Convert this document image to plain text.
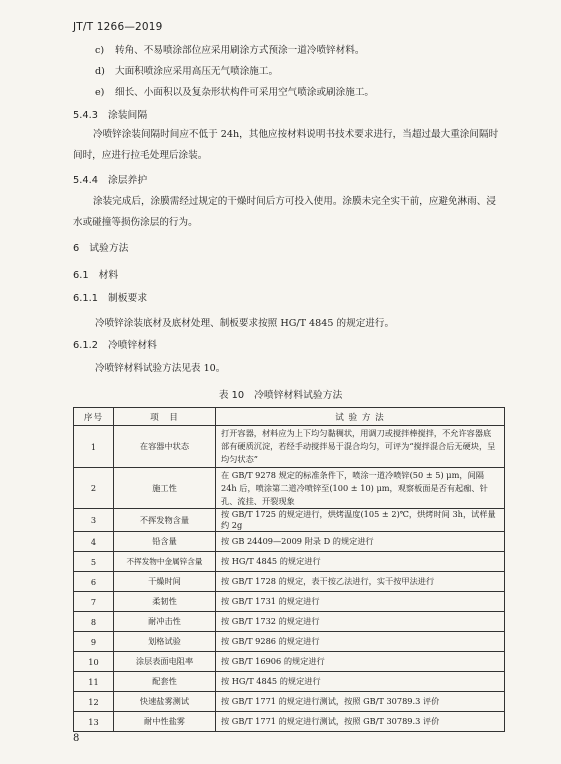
JT/T 1266—2019
c) 转角、不易喷涂部位应采用刷涂方式预涂一道冷喷锌材料。
d) 大面积喷涂应采用高压无气喷涂施工。
e) 细长、小面积以及复杂形状构件可采用空气喷涂或刷涂施工。
5.4.3 涂装间隔
冷喷锌涂装间隔时间应不低于 24h，其他应按材料说明书技术要求进行，当超过最大重涂间隔时间时，应进行拉毛处理后涂装。
5.4.4 涂层养护
涂装完成后，涂膜需经过规定的干燥时间后方可投入使用。涂膜未完全实干前，应避免淋雨、浸水或碰撞等损伤涂层的行为。
6 试验方法
6.1 材料
6.1.1 制板要求
冷喷锌涂装底材及底材处理、制板要求按照 HG/T 4845 的规定进行。
6.1.2 冷喷锌材料
冷喷锌材料试验方法见表 10。
表 10 冷喷锌材料试验方法
序号	项　目	试 验 方 法
1	在容器中状态	打开容器，材料应为上下均匀黏稠状，用调刀或搅拌棒搅拌，不允许容器底部有硬质沉淀，若经手动搅拌易于混合均匀，可评为“搅拌混合后无硬块，呈均匀状态”
2	施工性	在 GB/T 9278 规定的标准条件下，喷涂一道冷喷锌(50 ± 5) μm，间隔 24h 后，喷涂第二道冷喷锌至(100 ± 10) μm，观察板面是否有起痂、针孔、流挂、开裂现象
3	不挥发物含量	按 GB/T 1725 的规定进行，烘烤温度(105 ± 2)℃，烘烤时间 3h，试样量约 2g
4	铅含量	按 GB 24409—2009 附录 D 的规定进行
5	不挥发物中金属锌含量	按 HG/T 4845 的规定进行
6	干燥时间	按 GB/T 1728 的规定，表干按乙法进行，实干按甲法进行
7	柔韧性	按 GB/T 1731 的规定进行
8	耐冲击性	按 GB/T 1732 的规定进行
9	划格试验	按 GB/T 9286 的规定进行
10	涂层表面电阻率	按 GB/T 16906 的规定进行
11	配套性	按 HG/T 4845 的规定进行
12	快速盐雾测试	按 GB/T 1771 的规定进行测试，按照 GB/T 30789.3 评价
13	耐中性盐雾	按 GB/T 1771 的规定进行测试，按照 GB/T 30789.3 评价
8
